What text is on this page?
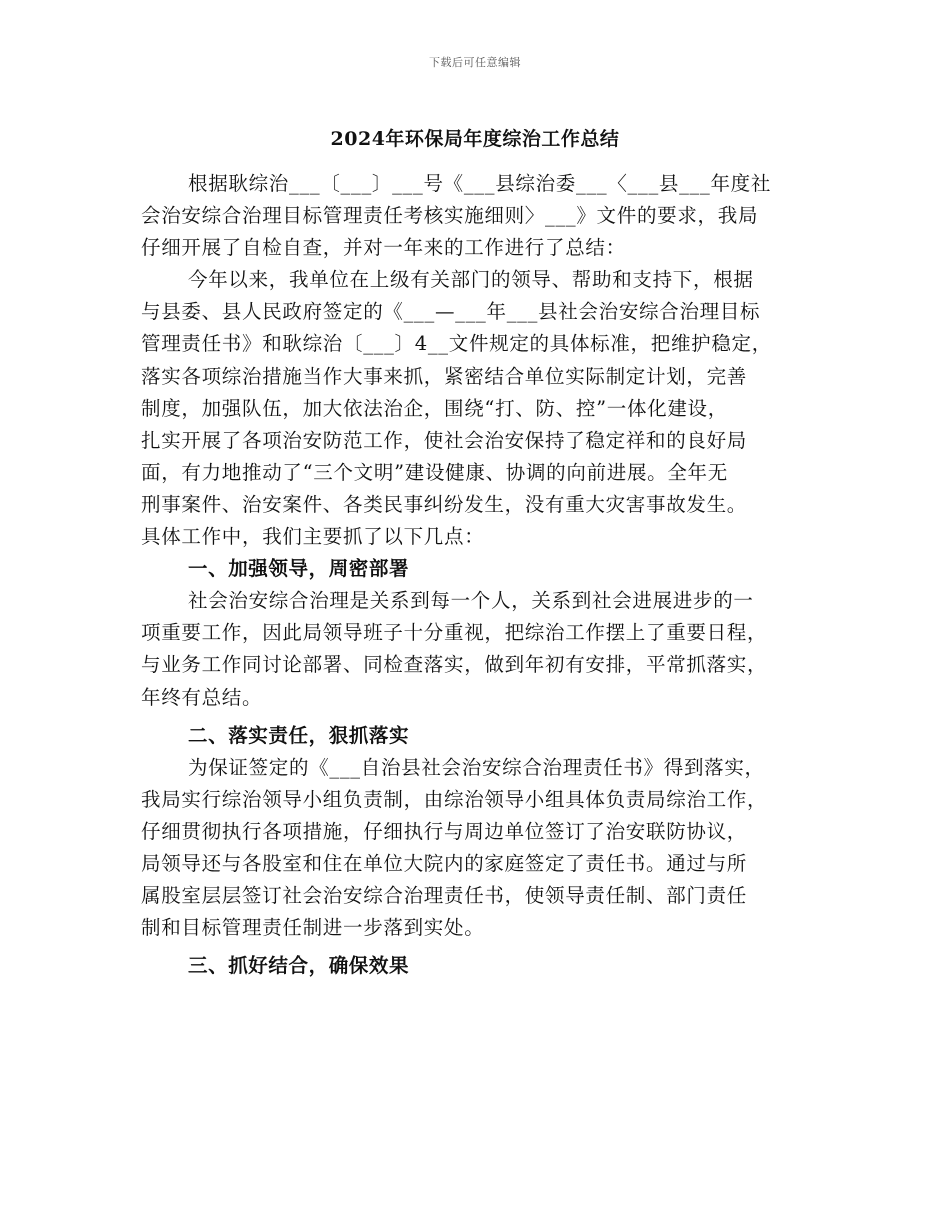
下载后可任意编辑
2024年环保局年度综治工作总结
根据耿综治___〔___〕___号《___县综治委___〈___县___年度社
会治安综合治理目标管理责任考核实施细则〉___》文件的要求，我局
仔细开展了自检自查，并对一年来的工作进行了总结：
今年以来，我单位在上级有关部门的领导、帮助和支持下，根据
与县委、县人民政府签定的《___—___年___县社会治安综合治理目标
管理责任书》和耿综治〔___〕4__文件规定的具体标准，把维护稳定，
落实各项综治措施当作大事来抓，紧密结合单位实际制定计划，完善
制度，加强队伍，加大依法治企，围绕“打、防、控”一体化建设，
扎实开展了各项治安防范工作，使社会治安保持了稳定祥和的良好局
面，有力地推动了“三个文明”建设健康、协调的向前进展。全年无
刑事案件、治安案件、各类民事纠纷发生，没有重大灾害事故发生。
具体工作中，我们主要抓了以下几点：
一、加强领导，周密部署
社会治安综合治理是关系到每一个人，关系到社会进展进步的一
项重要工作，因此局领导班子十分重视，把综治工作摆上了重要日程，
与业务工作同讨论部署、同检查落实，做到年初有安排，平常抓落实，
年终有总结。
二、落实责任，狠抓落实
为保证签定的《___自治县社会治安综合治理责任书》得到落实，
我局实行综治领导小组负责制，由综治领导小组具体负责局综治工作，
仔细贯彻执行各项措施，仔细执行与周边单位签订了治安联防协议，
局领导还与各股室和住在单位大院内的家庭签定了责任书。通过与所
属股室层层签订社会治安综合治理责任书，使领导责任制、部门责任
制和目标管理责任制进一步落到实处。
三、抓好结合，确保效果
